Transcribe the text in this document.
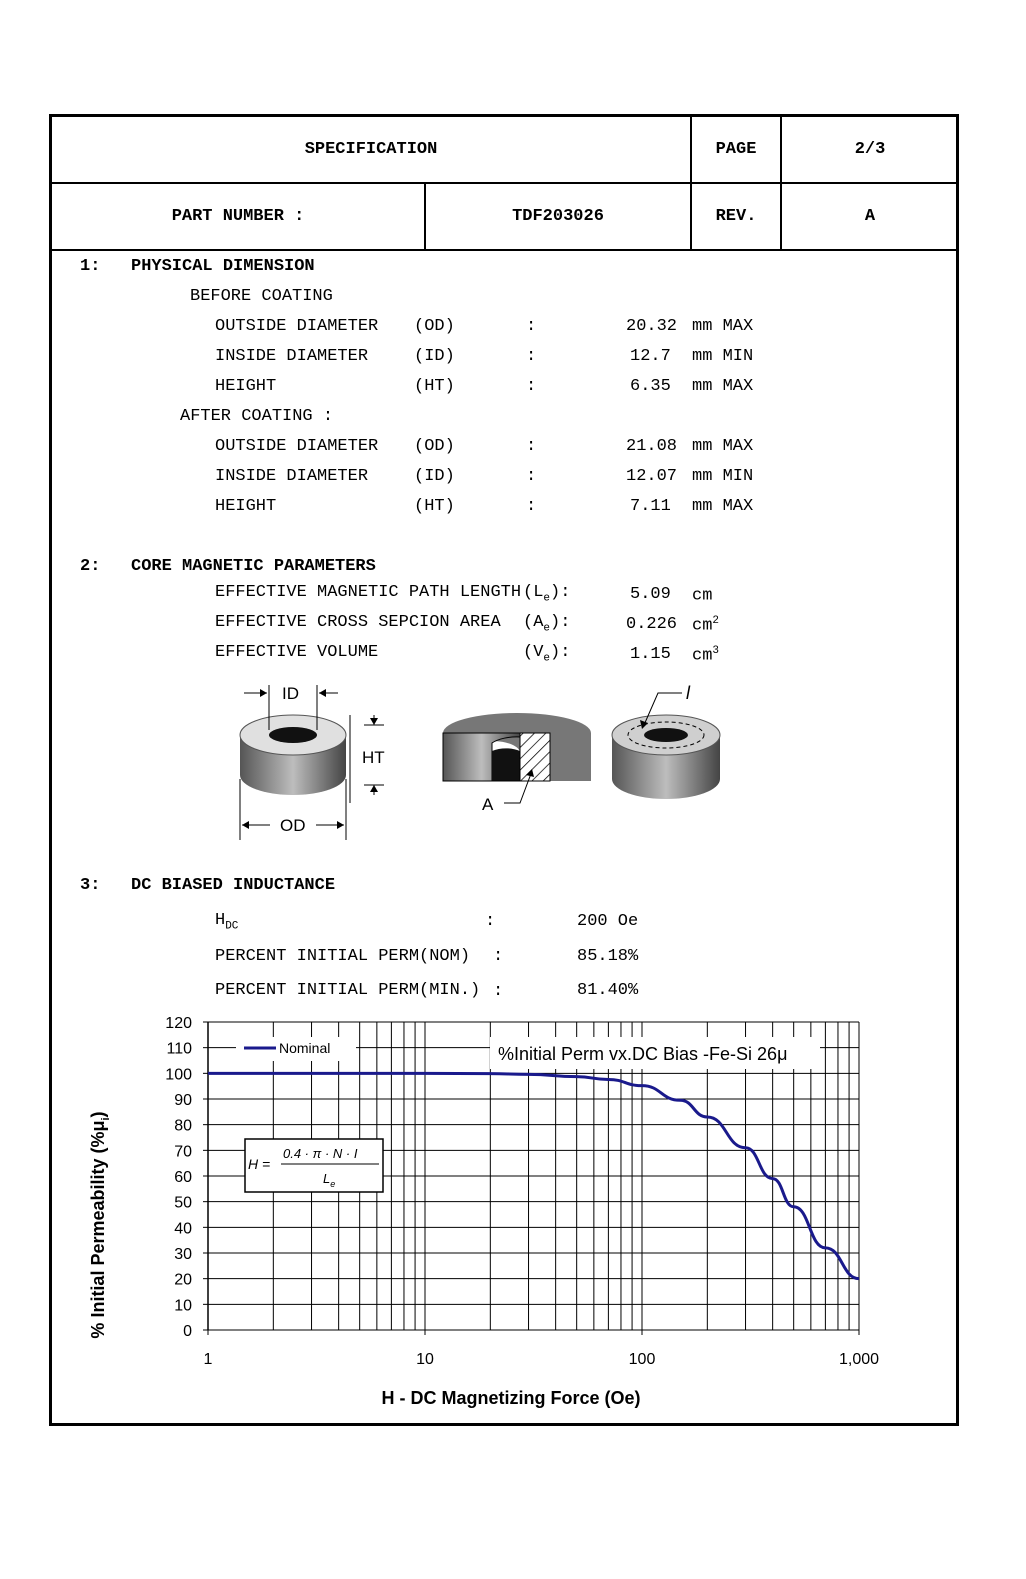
SPECIFICATION	PAGE	2/3
PART NUMBER :	TDF203026	REV.	A
1: PHYSICAL DIMENSION
BEFORE COATING
OUTSIDE DIAMETER (OD)	:	20.32 mm MAX
INSIDE DIAMETER	(ID)	:	12.7 mm MIN
HEIGHT	(HT)	:	6.35 mm MAX
AFTER COATING :
OUTSIDE DIAMETER (OD)	:	21.08 mm MAX
INSIDE DIAMETER	(ID)	:	12.07 mm MIN
HEIGHT	(HT)	:	7.11 mm MAX
2: CORE MAGNETIC PARAMETERS
EFFECTIVE MAGNETIC PATH LENGTH $(L_e)$:	5.09 cm
EFFECTIVE CROSS SEPCION AREA $(A_e)$:	0.226 $cm^2$
EFFECTIVE VOLUME	$(V_e)$:	1.15 $cm^3$
ID
HT
OD
A
l
3: DC BIASED INDUCTANCE
$H_{DC}$	:	200 Oe
PERCENT INITIAL PERM(NOM) :	85.18%
PERCENT INITIAL PERM(MIN.) :	81.40%
0
10
20
30
40
50
60
70
80
90
100
110
120
1	10	100	1,000
%Initial Perm vx.DC Bias -Fe-Si 26μ
Nominal
H =
0.4 · π · N · I
$L_e$
H - DC Magnetizing Force (Oe)
% Initial Permeability $(\%\mu_i)$
